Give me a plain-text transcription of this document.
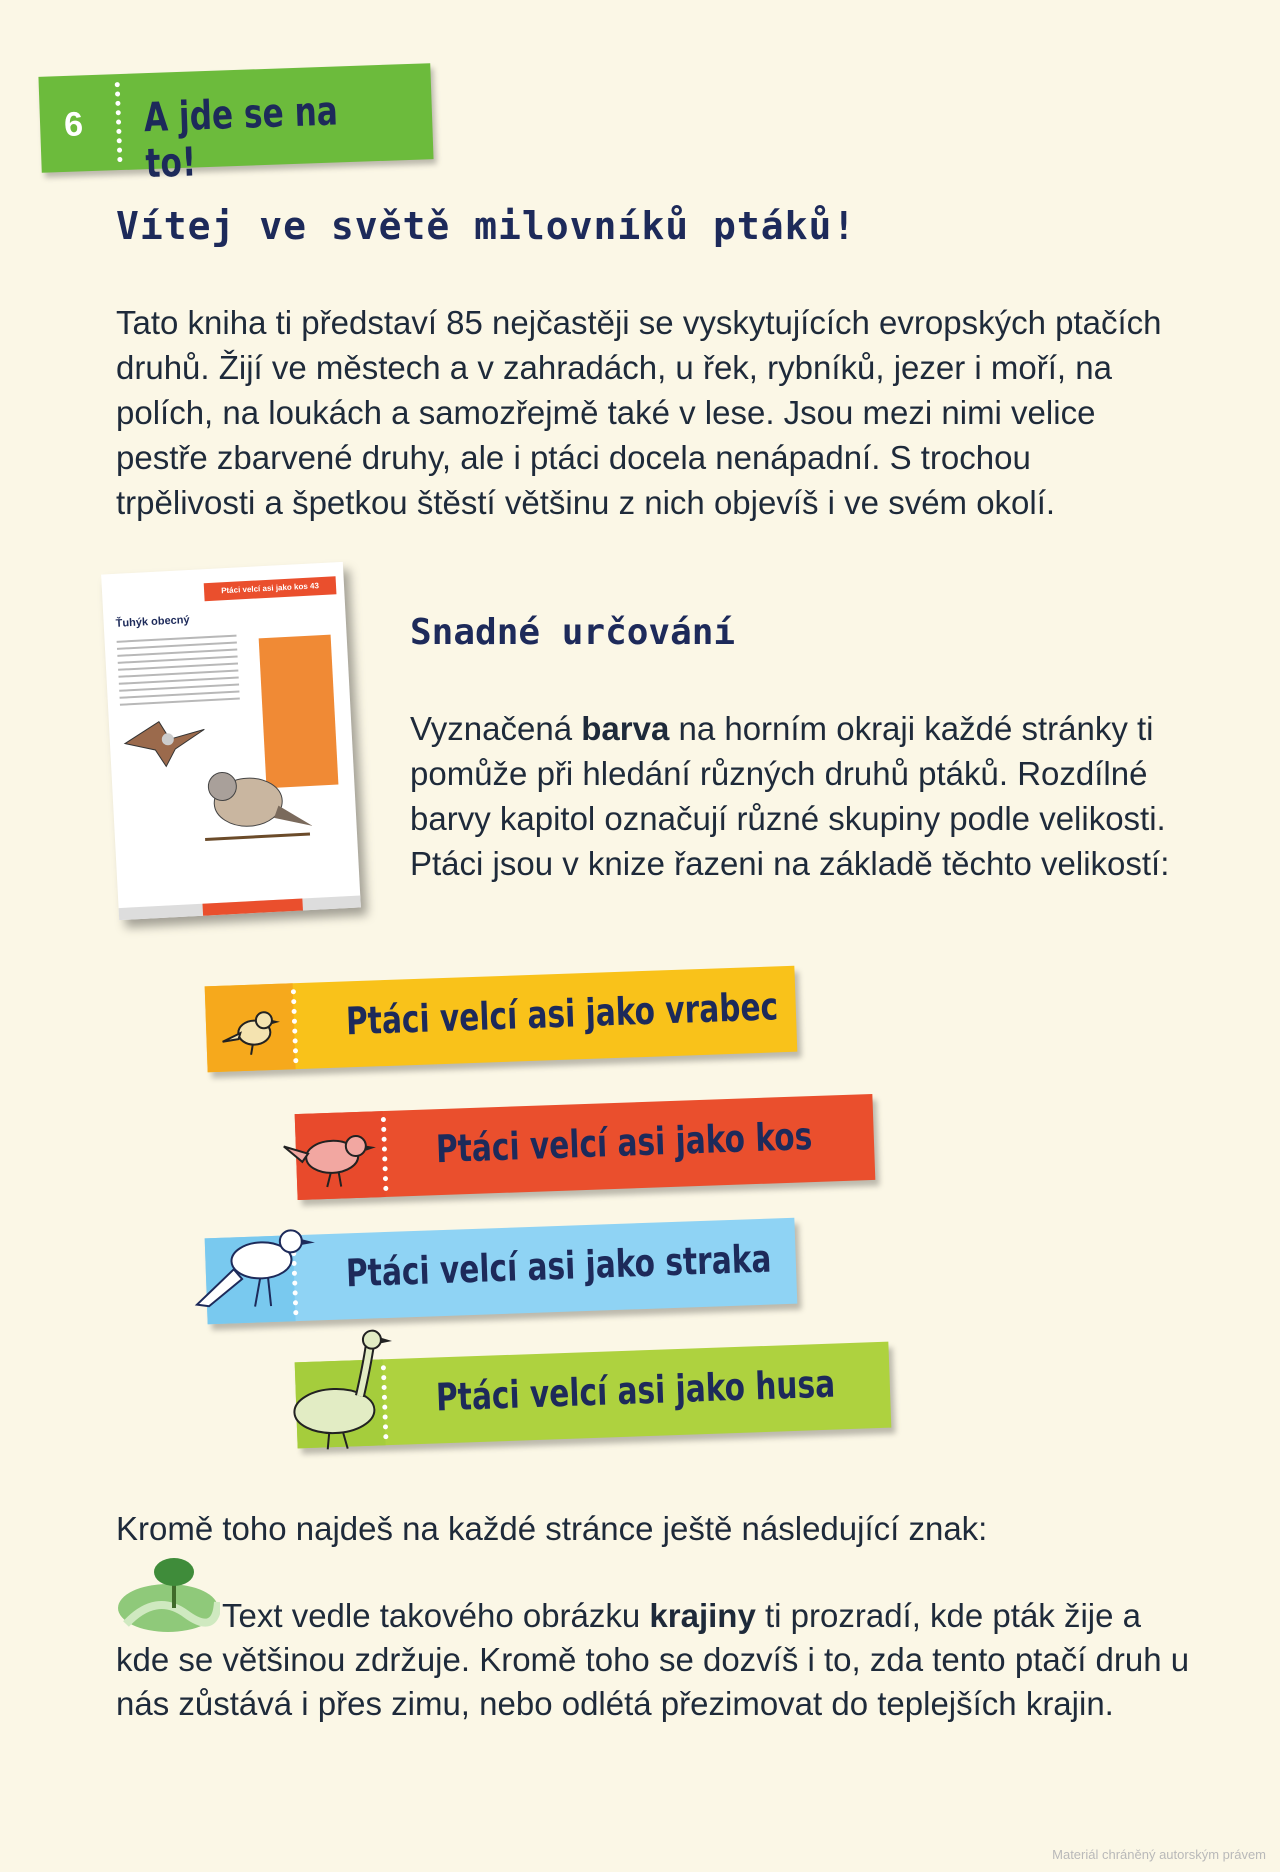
6 A jde se na to!
Vítej ve světě milovníků ptáků!

Tato kniha ti představí 85 nejčastěji se vyskytujících evropských ptačích druhů. Žijí ve městech a v zahradách, u řek, rybníků, jezer i moří, na polích, na loukách a samozřejmě také v lese. Jsou mezi nimi velice pestře zbarvené druhy, ale i ptáci docela nenápadní. S trochou trpělivosti a špetkou štěstí většinu z nich objevíš i ve svém okolí.

Ptáci velcí asi jako kos 43
Ťuhýk obecný	Snadné určování

Vyznačená barva na horním okraji každé stránky ti pomůže při hledání různých druhů ptáků. Rozdílné barvy kapitol označují různé skupiny podle velikosti. Ptáci jsou v knize řazeni na základě těchto velikostí:

Ptáci velcí asi jako vrabec
Ptáci velcí asi jako kos
Ptáci velcí asi jako straka
Ptáci velcí asi jako husa

Kromě toho najdeš na každé stránce ještě následující znak:

Text vedle takového obrázku krajiny ti prozradí, kde pták žije a kde se většinou zdržuje. Kromě toho se dozvíš i to, zda tento ptačí druh u nás zůstává i přes zimu, nebo odlétá přezimovat do teplejších krajin.

Materiál chráněný autorským právem
